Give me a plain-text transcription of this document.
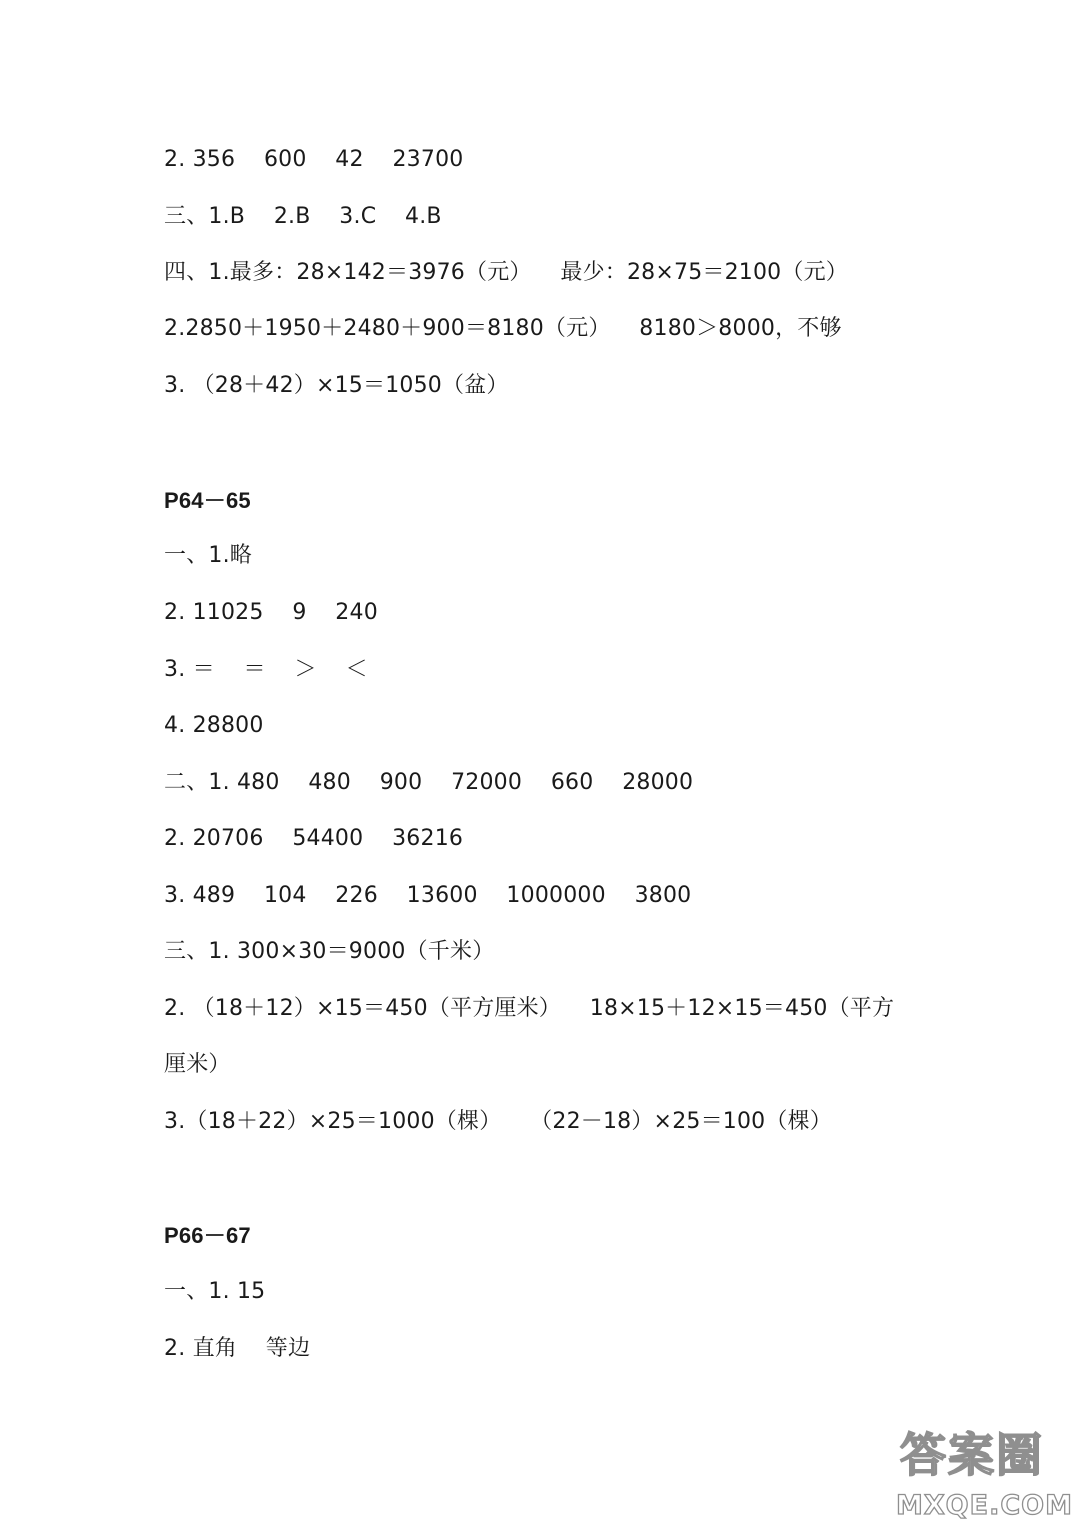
2. 356    600    42    23700
三、1.B    2.B    3.C    4.B
四、1.最多：28×142＝3976（元）    最少：28×75＝2100（元）
2.2850＋1950＋2480＋900＝8180（元）    8180＞8000，不够
3. （28＋42）×15＝1050（盆）
P64－65
一、1.略
2. 11025    9    240
3. ＝    ＝    ＞    ＜
4. 28800
二、1. 480    480    900    72000    660    28000
2. 20706    54400    36216
3. 489    104    226    13600    1000000    3800
三、1. 300×30＝9000（千米）
2. （18＋12）×15＝450（平方厘米）    18×15＋12×15＝450（平方
厘米）
3.（18＋22）×25＝1000（棵）    （22－18）×25＝100（棵）
P66－67
一、1. 15
2. 直角    等边
答案圈
MXQE.COM
